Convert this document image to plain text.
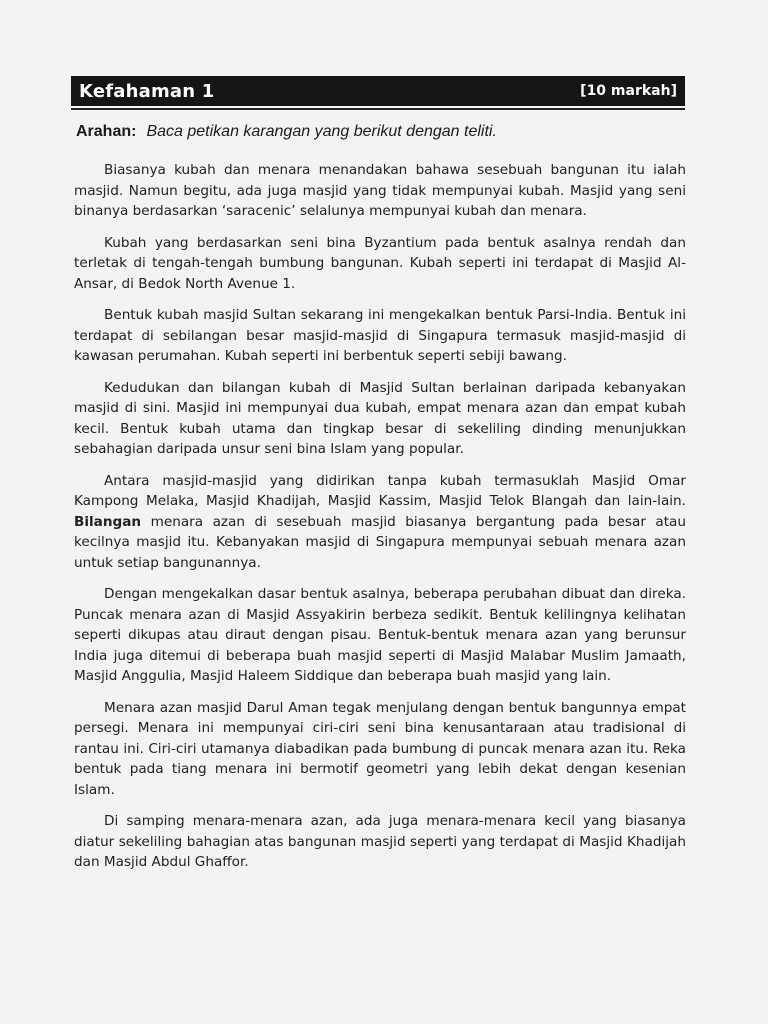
Kefahaman 1	[10 markah]
Arahan: Baca petikan karangan yang berikut dengan teliti.

Biasanya kubah dan menara menandakan bahawa sesebuah bangunan itu ialah masjid. Namun begitu, ada juga masjid yang tidak mempunyai kubah. Masjid yang seni binanya berdasarkan ‘saracenic’ selalunya mempunyai kubah dan menara.

Kubah yang berdasarkan seni bina Byzantium pada bentuk asalnya rendah dan terletak di tengah-tengah bumbung bangunan. Kubah seperti ini terdapat di Masjid Al-Ansar, di Bedok North Avenue 1.

Bentuk kubah masjid Sultan sekarang ini mengekalkan bentuk Parsi-India. Bentuk ini terdapat di sebilangan besar masjid-masjid di Singapura termasuk masjid-masjid di kawasan perumahan. Kubah seperti ini berbentuk seperti sebiji bawang.

Kedudukan dan bilangan kubah di Masjid Sultan berlainan daripada kebanyakan masjid di sini. Masjid ini mempunyai dua kubah, empat menara azan dan empat kubah kecil. Bentuk kubah utama dan tingkap besar di sekeliling dinding menunjukkan sebahagian daripada unsur seni bina Islam yang popular.

Antara masjid-masjid yang didirikan tanpa kubah termasuklah Masjid Omar Kampong Melaka, Masjid Khadijah, Masjid Kassim, Masjid Telok Blangah dan lain-lain. Bilangan menara azan di sesebuah masjid biasanya bergantung pada besar atau kecilnya masjid itu. Kebanyakan masjid di Singapura mempunyai sebuah menara azan untuk setiap bangunannya.

Dengan mengekalkan dasar bentuk asalnya, beberapa perubahan dibuat dan direka. Puncak menara azan di Masjid Assyakirin berbeza sedikit. Bentuk kelilingnya kelihatan seperti dikupas atau diraut dengan pisau. Bentuk-bentuk menara azan yang berunsur India juga ditemui di beberapa buah masjid seperti di Masjid Malabar Muslim Jamaath, Masjid Anggulia, Masjid Haleem Siddique dan beberapa buah masjid yang lain.

Menara azan masjid Darul Aman tegak menjulang dengan bentuk bangunnya empat persegi. Menara ini mempunyai ciri-ciri seni bina kenusantaraan atau tradisional di rantau ini. Ciri-ciri utamanya diabadikan pada bumbung di puncak menara azan itu. Reka bentuk pada tiang menara ini bermotif geometri yang lebih dekat dengan kesenian Islam.

Di samping menara-menara azan, ada juga menara-menara kecil yang biasanya diatur sekeliling bahagian atas bangunan masjid seperti yang terdapat di Masjid Khadijah dan Masjid Abdul Ghaffor.
